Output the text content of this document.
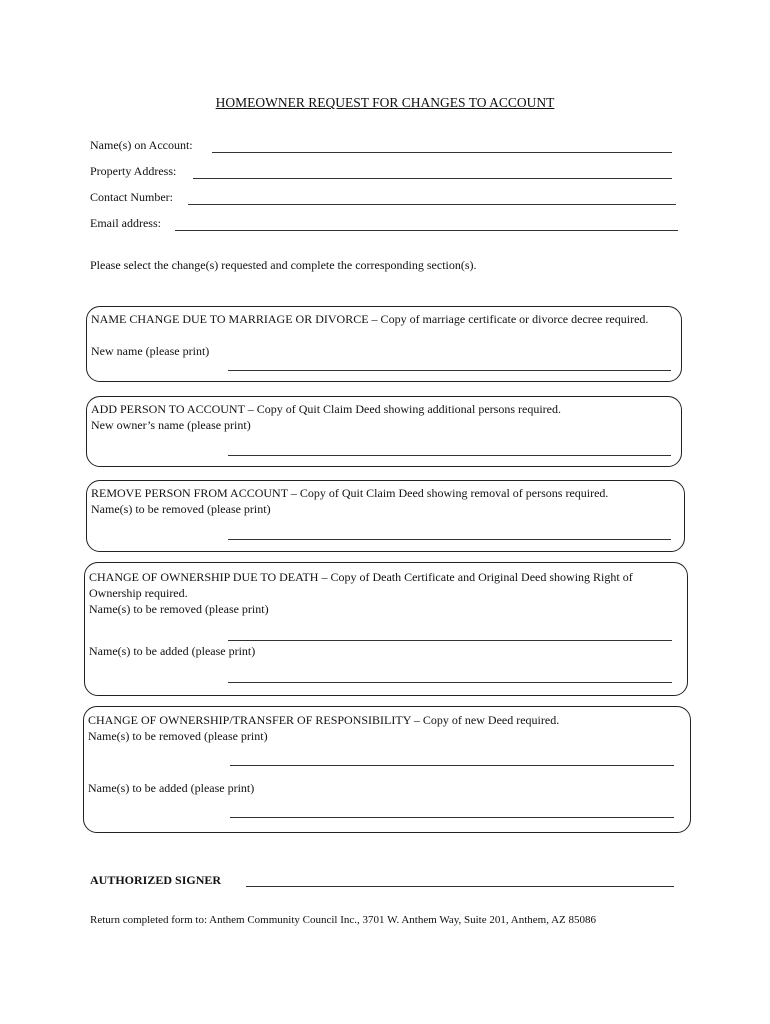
HOMEOWNER REQUEST FOR CHANGES TO ACCOUNT
Name(s) on Account:
Property Address:
Contact Number:
Email address:
Please select the change(s) requested and complete the corresponding section(s).
NAME CHANGE DUE TO MARRIAGE OR DIVORCE – Copy of marriage certificate or divorce decree required.
New name (please print)
ADD PERSON TO ACCOUNT – Copy of Quit Claim Deed showing additional persons required.
New owner’s name (please print)
REMOVE PERSON FROM ACCOUNT – Copy of Quit Claim Deed showing removal of persons required.
Name(s) to be removed (please print)
CHANGE OF OWNERSHIP DUE TO DEATH – Copy of Death Certificate and Original Deed showing Right of Ownership required.
Name(s) to be removed (please print)
Name(s) to be added (please print)
CHANGE OF OWNERSHIP/TRANSFER OF RESPONSIBILITY – Copy of new Deed required.
Name(s) to be removed (please print)
Name(s) to be added (please print)
AUTHORIZED SIGNER
Return completed form to: Anthem Community Council Inc., 3701 W. Anthem Way, Suite 201, Anthem, AZ 85086
